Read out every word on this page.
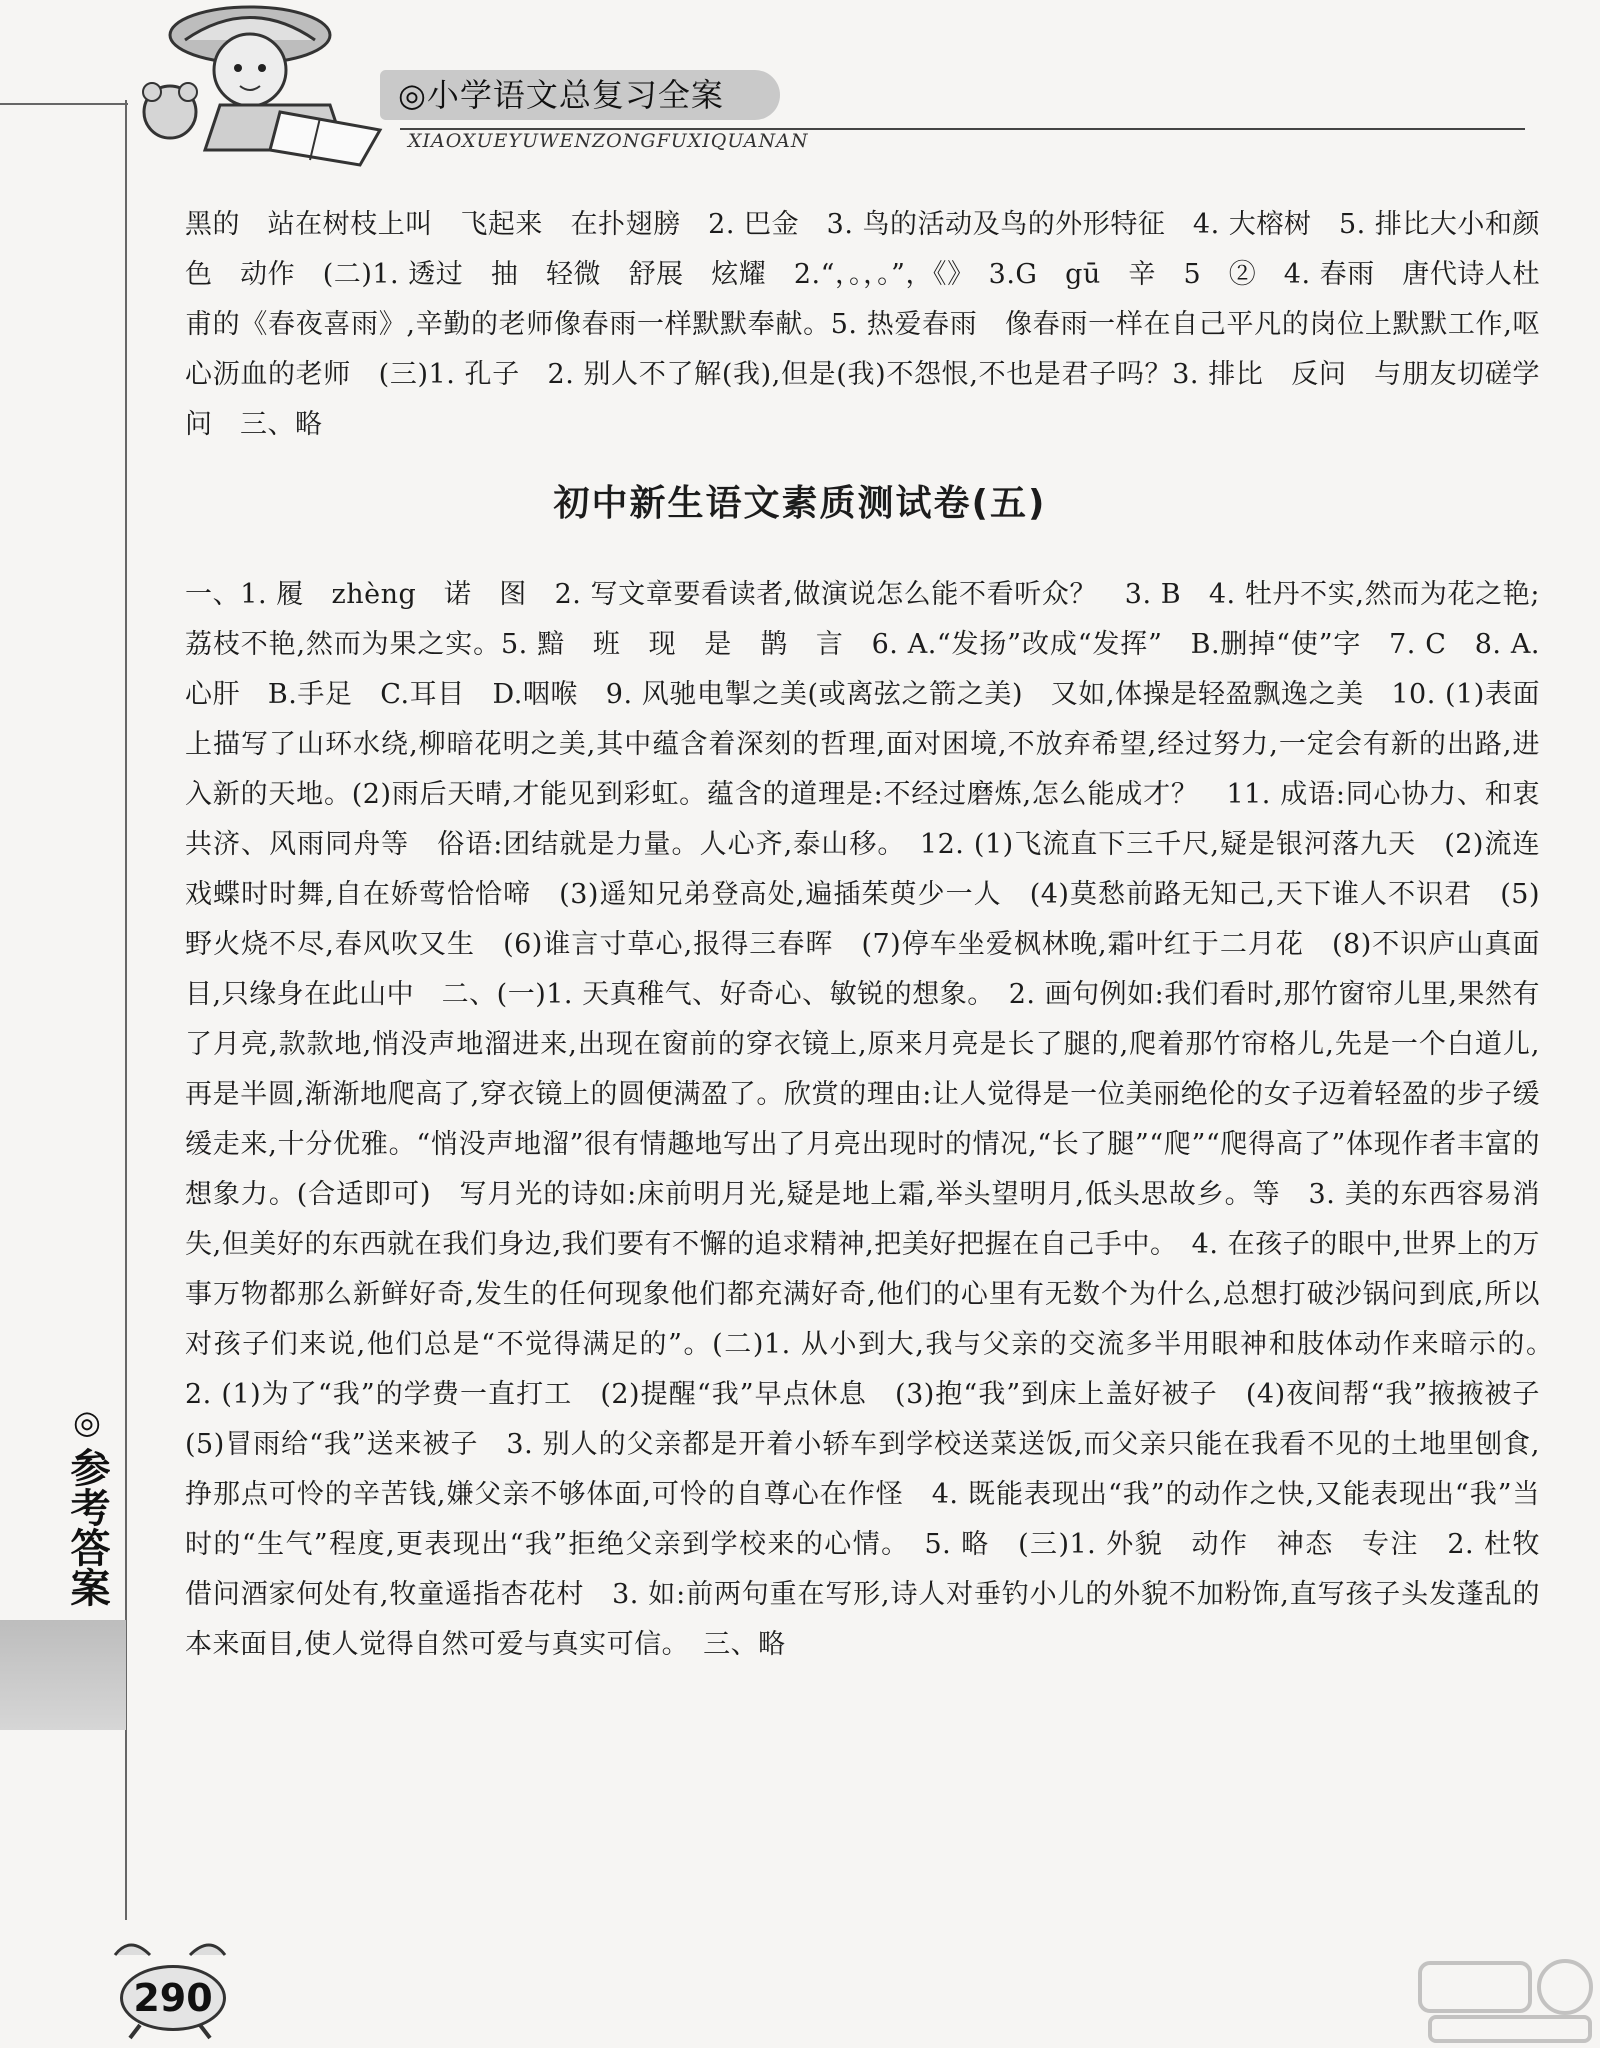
◎小学语文总复习全案
XIAOXUEYUWENZONGFUXIQUANAN
黑的　站在树枝上叫　飞起来　在扑翅膀　2. 巴金　3. 鸟的活动及鸟的外形特征　4. 大榕树　5. 排比大小和颜色　动作　(二)1. 透过　抽　轻微　舒展　炫耀　2.“，。，。”，《》　3.G　gū　辛　5　②　4. 春雨　唐代诗人杜甫的《春夜喜雨》,辛勤的老师像春雨一样默默奉献。5. 热爱春雨　像春雨一样在自己平凡的岗位上默默工作,呕心沥血的老师　(三)1. 孔子　2. 别人不了解(我),但是(我)不怨恨,不也是君子吗？3. 排比　反问　与朋友切磋学问　三、略
初中新生语文素质测试卷(五)
一、1. 履　zhèng　诺　图　2. 写文章要看读者,做演说怎么能不看听众？　3. B　4. 牡丹不实,然而为花之艳;荔枝不艳,然而为果之实。5. 黯　班　现　是　鹊　言　6. A.“发扬”改成“发挥”　B.删掉“使”字　7. C　8. A.心肝　B.手足　C.耳目　D.咽喉　9. 风驰电掣之美(或离弦之箭之美)　又如,体操是轻盈飘逸之美　10. (1)表面上描写了山环水绕,柳暗花明之美,其中蕴含着深刻的哲理,面对困境,不放弃希望,经过努力,一定会有新的出路,进入新的天地。(2)雨后天晴,才能见到彩虹。蕴含的道理是:不经过磨炼,怎么能成才？　11. 成语:同心协力、和衷共济、风雨同舟等　俗语:团结就是力量。人心齐,泰山移。　12. (1)飞流直下三千尺,疑是银河落九天　(2)流连戏蝶时时舞,自在娇莺恰恰啼　(3)遥知兄弟登高处,遍插茱萸少一人　(4)莫愁前路无知己,天下谁人不识君　(5)野火烧不尽,春风吹又生　(6)谁言寸草心,报得三春晖　(7)停车坐爱枫林晚,霜叶红于二月花　(8)不识庐山真面目,只缘身在此山中　二、(一)1. 天真稚气、好奇心、敏锐的想象。　2. 画句例如:我们看时,那竹窗帘儿里,果然有了月亮,款款地,悄没声地溜进来,出现在窗前的穿衣镜上,原来月亮是长了腿的,爬着那竹帘格儿,先是一个白道儿,再是半圆,渐渐地爬高了,穿衣镜上的圆便满盈了。欣赏的理由:让人觉得是一位美丽绝伦的女子迈着轻盈的步子缓缓走来,十分优雅。“悄没声地溜”很有情趣地写出了月亮出现时的情况,“长了腿”“爬”“爬得高了”体现作者丰富的想象力。(合适即可)　写月光的诗如:床前明月光,疑是地上霜,举头望明月,低头思故乡。等　3. 美的东西容易消失,但美好的东西就在我们身边,我们要有不懈的追求精神,把美好把握在自己手中。　4. 在孩子的眼中,世界上的万事万物都那么新鲜好奇,发生的任何现象他们都充满好奇,他们的心里有无数个为什么,总想打破沙锅问到底,所以对孩子们来说,他们总是“不觉得满足的”。(二)1. 从小到大,我与父亲的交流多半用眼神和肢体动作来暗示的。　2. (1)为了“我”的学费一直打工　(2)提醒“我”早点休息　(3)抱“我”到床上盖好被子　(4)夜间帮“我”掖掖被子　(5)冒雨给“我”送来被子　3. 别人的父亲都是开着小轿车到学校送菜送饭,而父亲只能在我看不见的土地里刨食,挣那点可怜的辛苦钱,嫌父亲不够体面,可怜的自尊心在作怪　4. 既能表现出“我”的动作之快,又能表现出“我”当时的“生气”程度,更表现出“我”拒绝父亲到学校来的心情。　5. 略　(三)1. 外貌　动作　神态　专注　2. 杜牧　借问酒家何处有,牧童遥指杏花村　3. 如:前两句重在写形,诗人对垂钓小儿的外貌不加粉饰,直写孩子头发蓬乱的本来面目,使人觉得自然可爱与真实可信。　三、略
◎
参考答案
290
